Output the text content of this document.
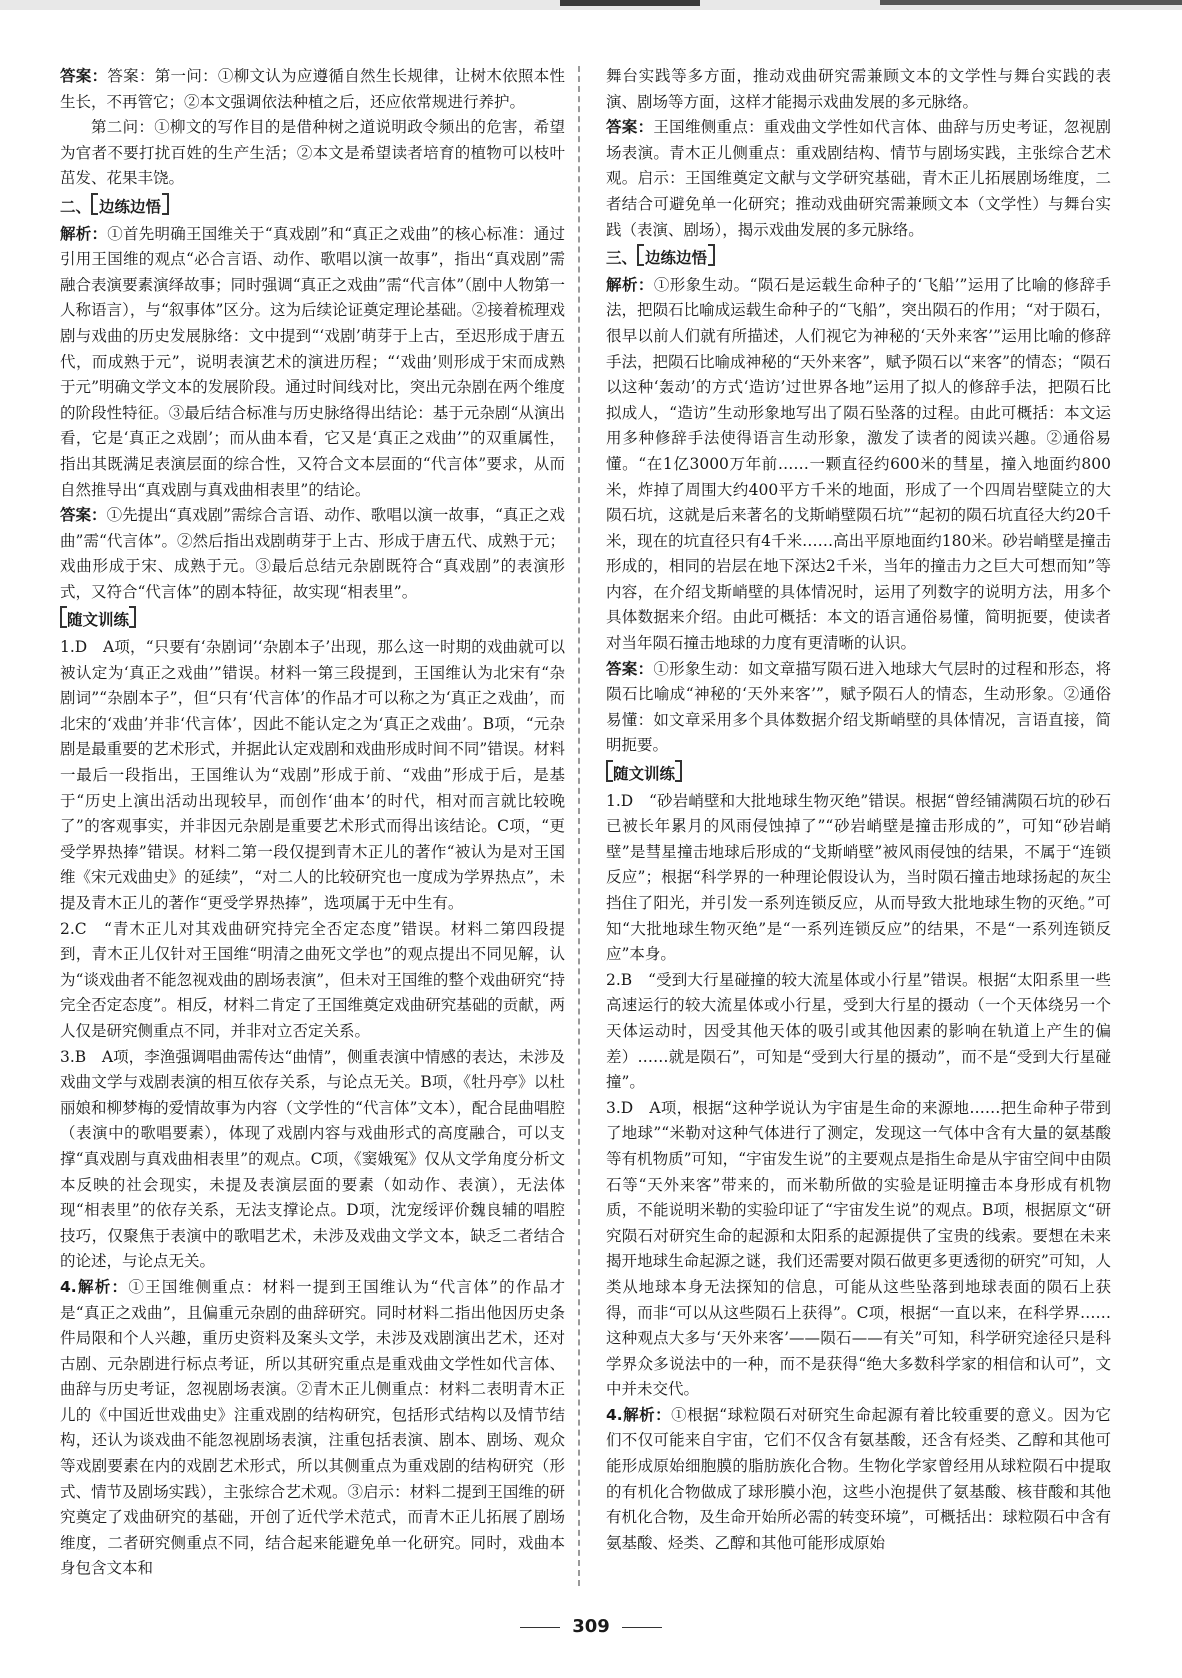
答案：答案：第一问：①柳文认为应遵循自然生长规律，让树木依照本性生长，不再管它；②本文强调依法种植之后，还应依常规进行养护。

第二问：①柳文的写作目的是借种树之道说明政令频出的危害，希望为官者不要打扰百姓的生产生活；②本文是希望读者培育的植物可以枝叶茁发、花果丰饶。

二、 边练边悟

解析：①首先明确王国维关于“真戏剧”和“真正之戏曲”的核心标准：通过引用王国维的观点“必合言语、动作、歌唱以演一故事”，指出“真戏剧”需融合表演要素演绎故事；同时强调“真正之戏曲”需“代言体”（剧中人物第一人称语言），与“叙事体”区分。这为后续论证奠定理论基础。②接着梳理戏剧与戏曲的历史发展脉络：文中提到“‘戏剧’萌芽于上古，至迟形成于唐五代，而成熟于元”，说明表演艺术的演进历程；“‘戏曲’则形成于宋而成熟于元”明确文学文本的发展阶段。通过时间线对比，突出元杂剧在两个维度的阶段性特征。③最后结合标准与历史脉络得出结论：基于元杂剧“从演出看，它是‘真正之戏剧’；而从曲本看，它又是‘真正之戏曲’”的双重属性，指出其既满足表演层面的综合性，又符合文本层面的“代言体”要求，从而自然推导出“真戏剧与真戏曲相表里”的结论。

答案：①先提出“真戏剧”需综合言语、动作、歌唱以演一故事，“真正之戏曲”需“代言体”。②然后指出戏剧萌芽于上古、形成于唐五代、成熟于元；戏曲形成于宋、成熟于元。③最后总结元杂剧既符合“真戏剧”的表演形式，又符合“代言体”的剧本特征，故实现“相表里”。

随文训练

1.D　A项，“只要有‘杂剧词’‘杂剧本子’出现，那么这一时期的戏曲就可以被认定为‘真正之戏曲’”错误。材料一第三段提到，王国维认为北宋有“杂剧词”“杂剧本子”，但“只有‘代言体’的作品才可以称之为‘真正之戏曲’，而北宋的‘戏曲’并非‘代言体’，因此不能认定之为‘真正之戏曲’。B项，“元杂剧是最重要的艺术形式，并据此认定戏剧和戏曲形成时间不同”错误。材料一最后一段指出，王国维认为“戏剧”形成于前、“戏曲”形成于后，是基于“历史上演出活动出现较早，而创作‘曲本’的时代，相对而言就比较晚了”的客观事实，并非因元杂剧是重要艺术形式而得出该结论。C项，“更受学界热捧”错误。材料二第一段仅提到青木正儿的著作“被认为是对王国维《宋元戏曲史》的延续”，“对二人的比较研究也一度成为学界热点”，未提及青木正儿的著作“更受学界热捧”，选项属于无中生有。

2.C　“青木正儿对其戏曲研究持完全否定态度”错误。材料二第四段提到，青木正儿仅针对王国维“明清之曲死文学也”的观点提出不同见解，认为“谈戏曲者不能忽视戏曲的剧场表演”，但未对王国维的整个戏曲研究“持完全否定态度”。相反，材料二肯定了王国维奠定戏曲研究基础的贡献，两人仅是研究侧重点不同，并非对立否定关系。

3.B　A项，李渔强调唱曲需传达“曲情”，侧重表演中情感的表达，未涉及戏曲文学与戏剧表演的相互依存关系，与论点无关。B项，《牡丹亭》以杜丽娘和柳梦梅的爱情故事为内容（文学性的“代言体”文本），配合昆曲唱腔（表演中的歌唱要素），体现了戏剧内容与戏曲形式的高度融合，可以支撑“真戏剧与真戏曲相表里”的观点。C项，《窦娥冤》仅从文学角度分析文本反映的社会现实，未提及表演层面的要素（如动作、表演），无法体现“相表里”的依存关系，无法支撑论点。D项，沈宠绥评价魏良辅的唱腔技巧，仅聚焦于表演中的歌唱艺术，未涉及戏曲文学文本，缺乏二者结合的论述，与论点无关。

4.解析：①王国维侧重点：材料一提到王国维认为“代言体”的作品才是“真正之戏曲”，且偏重元杂剧的曲辞研究。同时材料二指出他因历史条件局限和个人兴趣，重历史资料及案头文学，未涉及戏剧演出艺术，还对古剧、元杂剧进行标点考证，所以其研究重点是重戏曲文学性如代言体、曲辞与历史考证，忽视剧场表演。②青木正儿侧重点：材料二表明青木正儿的《中国近世戏曲史》注重戏剧的结构研究，包括形式结构以及情节结构，还认为谈戏曲不能忽视剧场表演，注重包括表演、剧本、剧场、观众等戏剧要素在内的戏剧艺术形式，所以其侧重点为重戏剧的结构研究（形式、情节及剧场实践），主张综合艺术观。③启示：材料二提到王国维的研究奠定了戏曲研究的基础，开创了近代学术范式，而青木正儿拓展了剧场维度，二者研究侧重点不同，结合起来能避免单一化研究。同时，戏曲本身包含文本和

舞台实践等多方面，推动戏曲研究需兼顾文本的文学性与舞台实践的表演、剧场等方面，这样才能揭示戏曲发展的多元脉络。

答案：王国维侧重点：重戏曲文学性如代言体、曲辞与历史考证，忽视剧场表演。青木正儿侧重点：重戏剧结构、情节与剧场实践，主张综合艺术观。启示：王国维奠定文献与文学研究基础，青木正儿拓展剧场维度，二者结合可避免单一化研究；推动戏曲研究需兼顾文本（文学性）与舞台实践（表演、剧场），揭示戏曲发展的多元脉络。

三、 边练边悟

解析：①形象生动。“陨石是运载生命种子的‘飞船’”运用了比喻的修辞手法，把陨石比喻成运载生命种子的“飞船”，突出陨石的作用；“对于陨石，很早以前人们就有所描述，人们视它为神秘的‘天外来客’”运用比喻的修辞手法，把陨石比喻成神秘的“天外来客”，赋予陨石以“来客”的情态；“陨石以这种‘轰动’的方式‘造访’过世界各地”运用了拟人的修辞手法，把陨石比拟成人，“造访”生动形象地写出了陨石坠落的过程。由此可概括：本文运用多种修辞手法使得语言生动形象，激发了读者的阅读兴趣。②通俗易懂。“在1亿3000万年前……一颗直径约600米的彗星，撞入地面约800米，炸掉了周围大约400平方千米的地面，形成了一个四周岩壁陡立的大陨石坑，这就是后来著名的戈斯峭壁陨石坑”“起初的陨石坑直径大约20千米，现在的坑直径只有4千米……高出平原地面约180米。砂岩峭壁是撞击形成的，相同的岩层在地下深达2千米，当年的撞击力之巨大可想而知”等内容，在介绍戈斯峭壁的具体情况时，运用了列数字的说明方法，用多个具体数据来介绍。由此可概括：本文的语言通俗易懂，简明扼要，使读者对当年陨石撞击地球的力度有更清晰的认识。

答案：①形象生动：如文章描写陨石进入地球大气层时的过程和形态，将陨石比喻成“神秘的‘天外来客’”，赋予陨石人的情态，生动形象。②通俗易懂：如文章采用多个具体数据介绍戈斯峭壁的具体情况，言语直接，简明扼要。

随文训练

1.D　“砂岩峭壁和大批地球生物灭绝”错误。根据“曾经铺满陨石坑的砂石已被长年累月的风雨侵蚀掉了”“砂岩峭壁是撞击形成的”，可知“砂岩峭壁”是彗星撞击地球后形成的“戈斯峭壁”被风雨侵蚀的结果，不属于“连锁反应”；根据“科学界的一种理论假设认为，当时陨石撞击地球扬起的灰尘挡住了阳光，并引发一系列连锁反应，从而导致大批地球生物的灭绝。”可知“大批地球生物灭绝”是“一系列连锁反应”的结果，不是“一系列连锁反应”本身。

2.B　“受到大行星碰撞的较大流星体或小行星”错误。根据“太阳系里一些高速运行的较大流星体或小行星，受到大行星的摄动（一个天体绕另一个天体运动时，因受其他天体的吸引或其他因素的影响在轨道上产生的偏差）……就是陨石”，可知是“受到大行星的摄动”，而不是“受到大行星碰撞”。

3.D　A项，根据“这种学说认为宇宙是生命的来源地……把生命种子带到了地球”“米勒对这种气体进行了测定，发现这一气体中含有大量的氨基酸等有机物质”可知，“宇宙发生说”的主要观点是指生命是从宇宙空间中由陨石等“天外来客”带来的，而米勒所做的实验是证明撞击本身形成有机物质，不能说明米勒的实验印证了“宇宙发生说”的观点。B项，根据原文“研究陨石对研究生命的起源和太阳系的起源提供了宝贵的线索。要想在未来揭开地球生命起源之谜，我们还需要对陨石做更多更透彻的研究”可知，人类从地球本身无法探知的信息，可能从这些坠落到地球表面的陨石上获得，而非“可以从这些陨石上获得”。C项，根据“一直以来，在科学界……这种观点大多与‘天外来客’——陨石——有关”可知，科学研究途径只是科学界众多说法中的一种，而不是获得“绝大多数科学家的相信和认可”，文中并未交代。

4.解析：①根据“球粒陨石对研究生命起源有着比较重要的意义。因为它们不仅可能来自宇宙，它们不仅含有氨基酸，还含有烃类、乙醇和其他可能形成原始细胞膜的脂肪族化合物。生物化学家曾经用从球粒陨石中提取的有机化合物做成了球形膜小泡，这些小泡提供了氨基酸、核苷酸和其他有机化合物，及生命开始所必需的转变环境”，可概括出：球粒陨石中含有氨基酸、烃类、乙醇和其他可能形成原始

309
